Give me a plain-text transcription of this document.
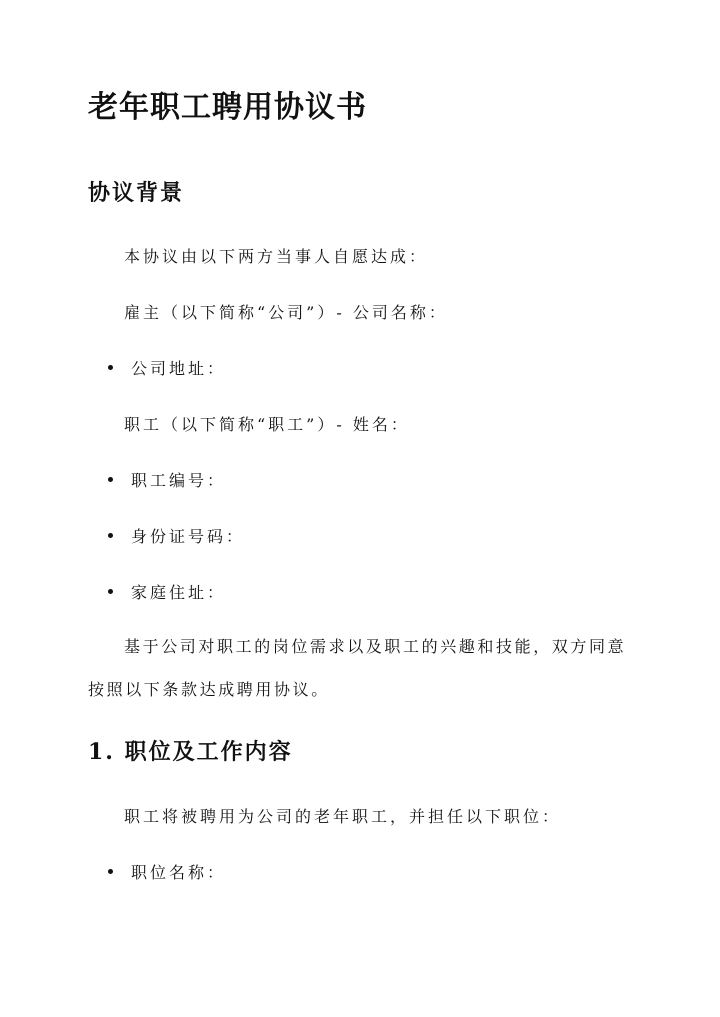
老年职工聘用协议书
协议背景

本协议由以下两方当事人自愿达成：

雇主（以下简称“公司”）- 公司名称：

公司地址：

职工（以下简称“职工”）- 姓名：

职工编号：
身份证号码：
家庭住址：

基于公司对职工的岗位需求以及职工的兴趣和技能，双方同意按照以下条款达成聘用协议。

1. 职位及工作内容

职工将被聘用为公司的老年职工，并担任以下职位：

职位名称：
